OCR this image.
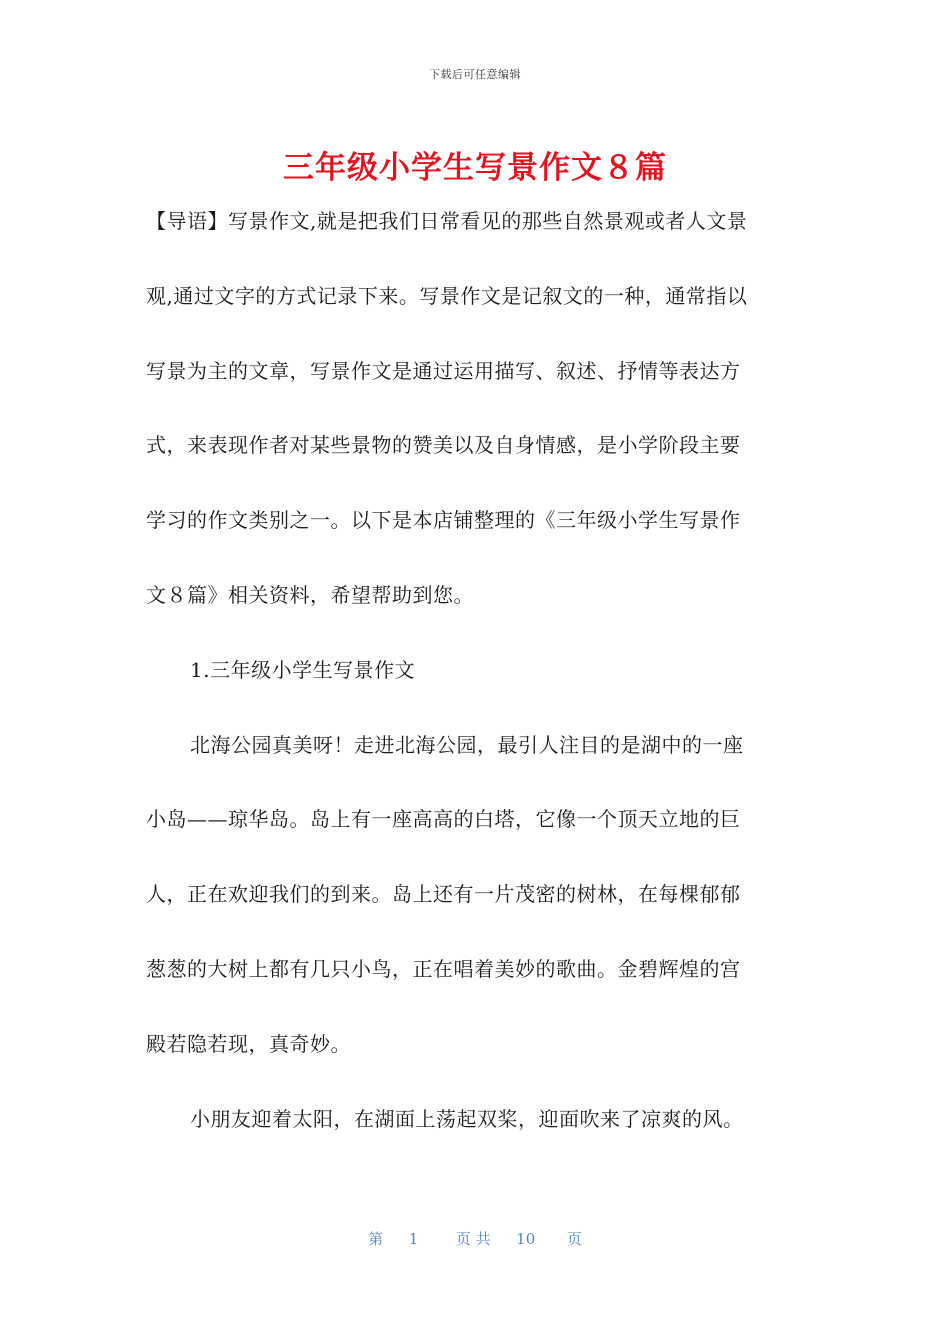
下载后可任意编辑
三年级小学生写景作文８篇
【导语】写景作文,就是把我们日常看见的那些自然景观或者人文景
观,通过文字的方式记录下来。写景作文是记叙文的一种，通常指以
写景为主的文章，写景作文是通过运用描写、叙述、抒情等表达方
式，来表现作者对某些景物的赞美以及自身情感，是小学阶段主要
学习的作文类别之一。以下是本店铺整理的《三年级小学生写景作
文８篇》相关资料，希望帮助到您。
1.三年级小学生写景作文
北海公园真美呀！走进北海公园，最引人注目的是湖中的一座
小岛——琼华岛。岛上有一座高高的白塔，它像一个顶天立地的巨
人，正在欢迎我们的到来。岛上还有一片茂密的树林，在每棵郁郁
葱葱的大树上都有几只小鸟，正在唱着美妙的歌曲。金碧辉煌的宫
殿若隐若现，真奇妙。
小朋友迎着太阳，在湖面上荡起双桨，迎面吹来了凉爽的风。
第 1	页 共 10 页
